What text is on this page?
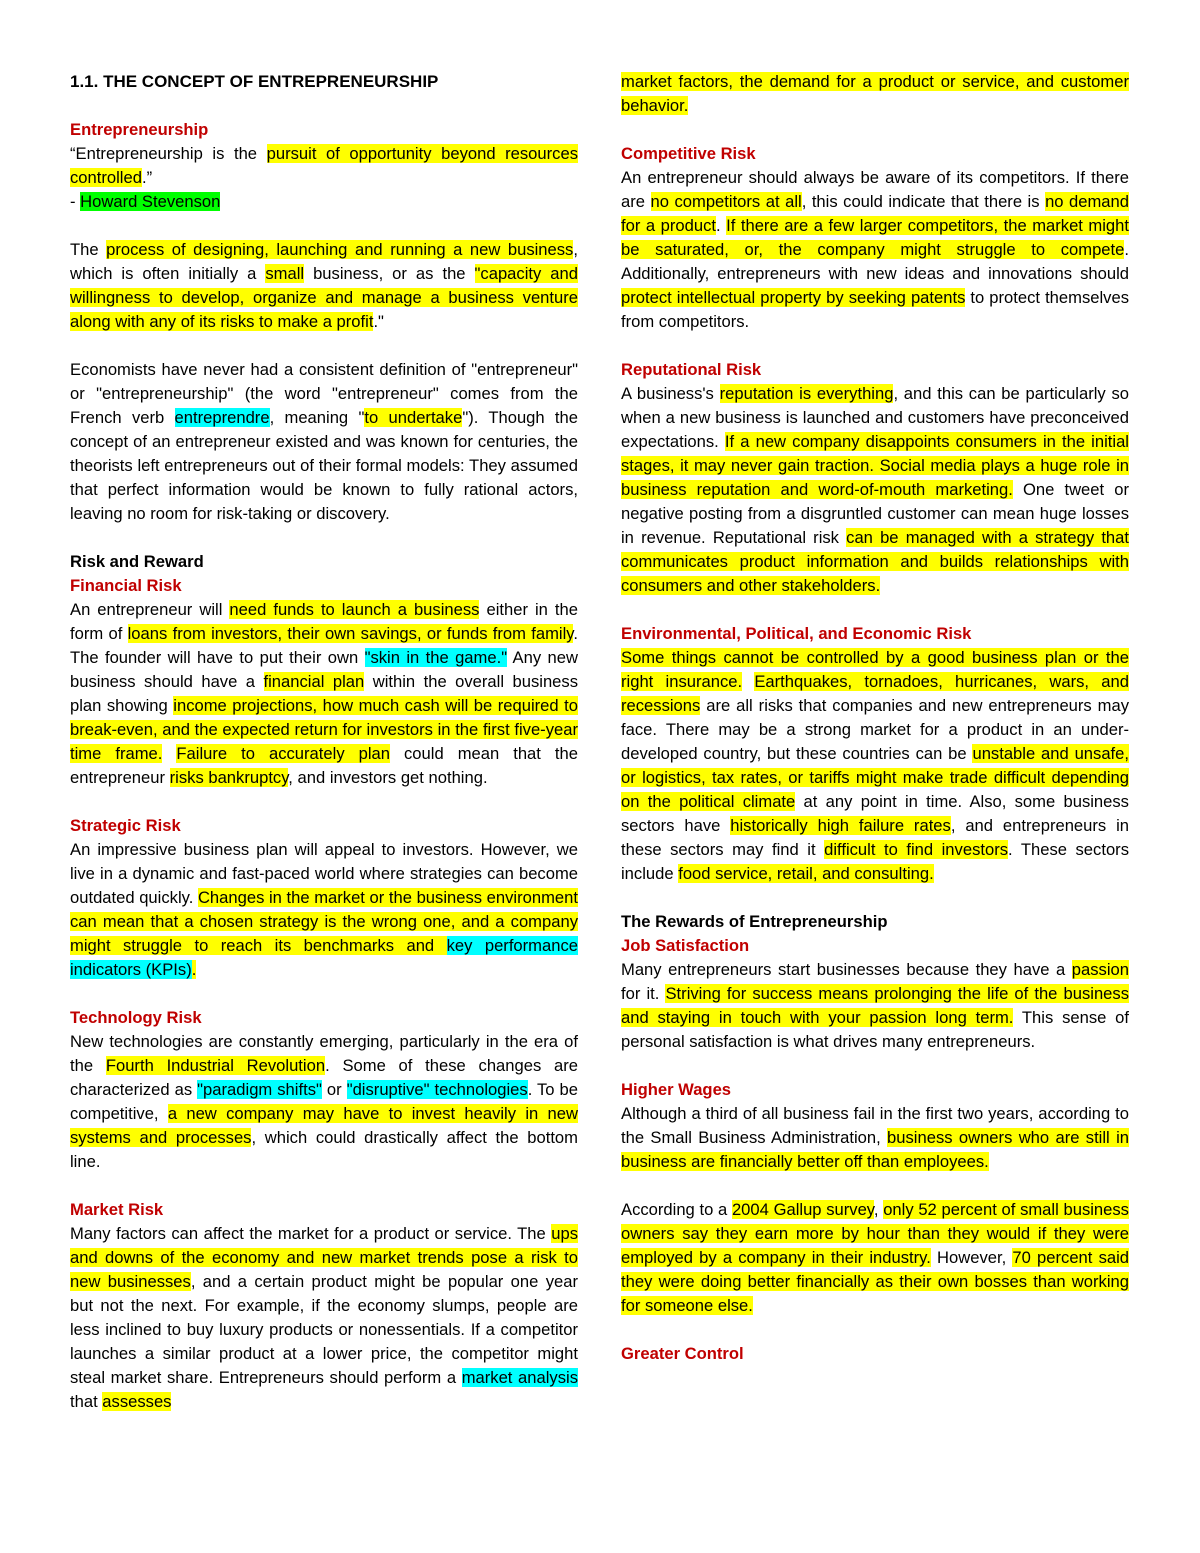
1.1. THE CONCEPT OF ENTREPRENEURSHIP

Entrepreneurship

“Entrepreneurship is the pursuit of opportunity beyond resources controlled.”

- Howard Stevenson

The process of designing, launching and running a new business, which is often initially a small business, or as the "capacity and willingness to develop, organize and manage a business venture along with any of its risks to make a profit."

Economists have never had a consistent definition of "entrepreneur" or "entrepreneurship" (the word "entrepreneur" comes from the French verb entreprendre, meaning "to undertake"). Though the concept of an entrepreneur existed and was known for centuries, the theorists left entrepreneurs out of their formal models: They assumed that perfect information would be known to fully rational actors, leaving no room for risk-taking or discovery.

Risk and Reward

Financial Risk

An entrepreneur will need funds to launch a business either in the form of loans from investors, their own savings, or funds from family. The founder will have to put their own "skin in the game." Any new business should have a financial plan within the overall business plan showing income projections, how much cash will be required to break-even, and the expected return for investors in the first five-year time frame. Failure to accurately plan could mean that the entrepreneur risks bankruptcy, and investors get nothing.

Strategic Risk

An impressive business plan will appeal to investors. However, we live in a dynamic and fast-paced world where strategies can become outdated quickly. Changes in the market or the business environment can mean that a chosen strategy is the wrong one, and a company might struggle to reach its benchmarks and key performance indicators (KPIs).

Technology Risk

New technologies are constantly emerging, particularly in the era of the Fourth Industrial Revolution. Some of these changes are characterized as "paradigm shifts" or "disruptive" technologies. To be competitive, a new company may have to invest heavily in new systems and processes, which could drastically affect the bottom line.

Market Risk

Many factors can affect the market for a product or service. The ups and downs of the economy and new market trends pose a risk to new businesses, and a certain product might be popular one year but not the next. For example, if the economy slumps, people are less inclined to buy luxury products or nonessentials. If a competitor launches a similar product at a lower price, the competitor might steal market share. Entrepreneurs should perform a market analysis that assesses

market factors, the demand for a product or service, and customer behavior.

Competitive Risk

An entrepreneur should always be aware of its competitors. If there are no competitors at all, this could indicate that there is no demand for a product. If there are a few larger competitors, the market might be saturated, or, the company might struggle to compete. Additionally, entrepreneurs with new ideas and innovations should protect intellectual property by seeking patents to protect themselves from competitors.

Reputational Risk

A business's reputation is everything, and this can be particularly so when a new business is launched and customers have preconceived expectations. If a new company disappoints consumers in the initial stages, it may never gain traction. Social media plays a huge role in business reputation and word-of-mouth marketing. One tweet or negative posting from a disgruntled customer can mean huge losses in revenue. Reputational risk can be managed with a strategy that communicates product information and builds relationships with consumers and other stakeholders.

Environmental, Political, and Economic Risk

Some things cannot be controlled by a good business plan or the right insurance. Earthquakes, tornadoes, hurricanes, wars, and recessions are all risks that companies and new entrepreneurs may face. There may be a strong market for a product in an under-developed country, but these countries can be unstable and unsafe, or logistics, tax rates, or tariffs might make trade difficult depending on the political climate at any point in time. Also, some business sectors have historically high failure rates, and entrepreneurs in these sectors may find it difficult to find investors. These sectors include food service, retail, and consulting.

The Rewards of Entrepreneurship

Job Satisfaction

Many entrepreneurs start businesses because they have a passion for it. Striving for success means prolonging the life of the business and staying in touch with your passion long term. This sense of personal satisfaction is what drives many entrepreneurs.

Higher Wages

Although a third of all business fail in the first two years, according to the Small Business Administration, business owners who are still in business are financially better off than employees.

According to a 2004 Gallup survey, only 52 percent of small business owners say they earn more by hour than they would if they were employed by a company in their industry. However, 70 percent said they were doing better financially as their own bosses than working for someone else.

Greater Control
